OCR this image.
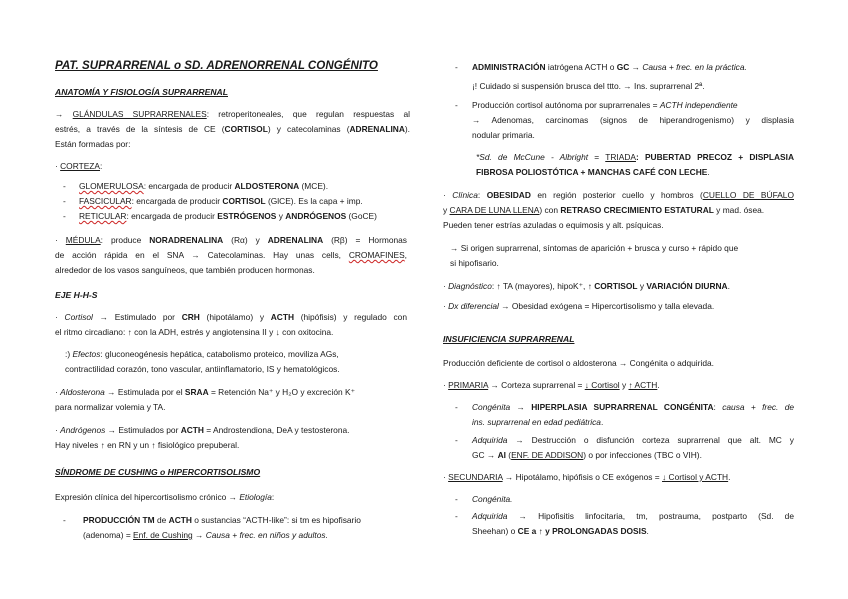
PAT. SUPRARRENAL o SD. ADRENORRENAL CONGÉNITO
ANATOMÍA Y FISIOLOGÍA SUPRARRENAL

→ GLÁNDULAS SUPRARRENALES: retroperitoneales, que regulan respuestas al

estrés, a través de la síntesis de CE (CORTISOL) y catecolaminas (ADRENALINA).

Están formadas por:

· CORTEZA:

- GLOMERULOSA: encargada de producir ALDOSTERONA (MCE).

- FASCICULAR: encargada de producir CORTISOL (GlCE). Es la capa + imp.

- RETICULAR: encargada de producir ESTRÓGENOS y ANDRÓGENOS (GoCE)

· MÉDULA: produce NORADRENALINA (Rα) y ADRENALINA (Rβ) = Hormonas

de acción rápida en el SNA → Catecolaminas. Hay unas cells, CROMAFINES,

alrededor de los vasos sanguíneos, que también producen hormonas.

EJE H-H-S

· Cortisol → Estimulado por CRH (hipotálamo) y ACTH (hipófisis) y regulado con

el ritmo circadiano: ↑ con la ADH, estrés y angiotensina II y ↓ con oxitocina.

:) Efectos: gluconeogénesis hepática, catabolismo proteico, moviliza AGs,

contractilidad corazón, tono vascular, antiinflamatorio, IS y hematológicos.

· Aldosterona → Estimulada por el SRAA = Retención Na⁺ y H₂O y excreción K⁺

para normalizar volemia y TA.

· Andrógenos → Estimulados por ACTH = Androstendiona, DeA y testosterona.

Hay niveles ↑ en RN y un ↑ fisiológico prepuberal.

SÍNDROME DE CUSHING o HIPERCORTISOLISMO

Expresión clínica del hipercortisolismo crónico → Etiología:

- PRODUCCIÓN TM de ACTH o sustancias “ACTH-like”: si tm es hipofisario

(adenoma) = Enf. de Cushing → Causa + frec. en niños y adultos.

- ADMINISTRACIÓN iatrógena ACTH o GC → Causa + frec. en la práctica.

¡! Cuidado si suspensión brusca del ttto. → Ins. suprarrenal 2ª.

- Producción cortisol autónoma por suprarrenales = ACTH independiente

→ Adenomas, carcinomas (signos de hiperandrogenismo) y displasia

nodular primaria.

*Sd. de McCune - Albright = TRIADA: PUBERTAD PRECOZ + DISPLASIA

FIBROSA POLIOSTÓTICA + MANCHAS CAFÉ CON LECHE.

· Clínica: OBESIDAD en región posterior cuello y hombros (CUELLO DE BÚFALO

y CARA DE LUNA LLENA) con RETRASO CRECIMIENTO ESTATURAL y mad. ósea.

Pueden tener estrías azuladas o equimosis y alt. psíquicas.

→ Si origen suprarrenal, síntomas de aparición + brusca y curso + rápido que

si hipofisario.

· Diagnóstico: ↑ TA (mayores), hipoK⁺, ↑ CORTISOL y VARIACIÓN DIURNA.

· Dx diferencial → Obesidad exógena = Hipercortisolismo y talla elevada.

INSUFICIENCIA SUPRARRENAL

Producción deficiente de cortisol o aldosterona → Congénita o adquirida.

· PRIMARIA → Corteza suprarrenal = ↓ Cortisol y ↑ ACTH.

- Congénita → HIPERPLASIA SUPRARRENAL CONGÉNITA: causa + frec. de

ins. suprarrenal en edad pediátrica.

- Adquirida → Destrucción o disfunción corteza suprarrenal que alt. MC y

GC → AI (ENF. DE ADDISON) o por infecciones (TBC o VIH).

· SECUNDARIA → Hipotálamo, hipófisis o CE exógenos = ↓ Cortisol y ACTH.

- Congénita.

- Adquirida → Hipofisitis linfocitaria, tm, postrauma, postparto (Sd. de

Sheehan) o CE a ↑ y PROLONGADAS DOSIS.
